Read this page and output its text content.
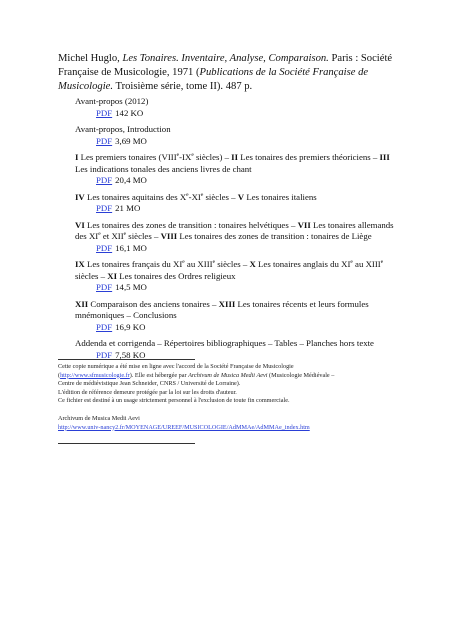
Michel Huglo, Les Tonaires. Inventaire, Analyse, Comparaison. Paris : Société Française de Musicologie, 1971 (Publications de la Société Française de Musicologie. Troisième série, tome II). 487 p.
Avant-propos (2012)
PDF 142 KO
Avant-propos, Introduction
PDF 3,69 MO
I Les premiers tonaires (VIIIe-IXe siècles) – II Les tonaires des premiers théoriciens – III Les indications tonales des anciens livres de chant
PDF 20,4 MO
IV Les tonaires aquitains des Xe-XIe siècles – V Les tonaires italiens
PDF 21 MO
VI Les tonaires des zones de transition : tonaires helvétiques – VII Les tonaires allemands des XIe et XIIe siècles – VIII Les tonaires des zones de transition : tonaires de Liège
PDF 16,1 MO
IX Les tonaires français du XIe au XIIIe siècles – X Les tonaires anglais du XIe au XIIIe siècles – XI Les tonaires des Ordres religieux
PDF 14,5 MO
XII Comparaison des anciens tonaires – XIII Les tonaires récents et leurs formules mnémoniques – Conclusions
PDF 16,9 KO
Addenda et corrigenda – Répertoires bibliographiques – Tables – Planches hors texte
PDF 7,58 KO

Cette copie numérique a été mise en ligne avec l'accord de la Société Française de Musicologie

(http://www.sfmusicologie.fr). Elle est hébergée par Archivum de Musica Medii Aevi (Musicologie Médiévale –

Centre de médiévistique Jean Schneider, CNRS / Université de Lorraine).

L'édition de référence demeure protégée par la loi sur les droits d'auteur.

Ce fichier est destiné à un usage strictement personnel à l'exclusion de toute fin commerciale.

Archivum de Musica Medii Aevi

http://www.univ-nancy2.fr/MOYENAGE/UREEF/MUSICOLOGIE/AdMMAe/AdMMAe_index.htm
